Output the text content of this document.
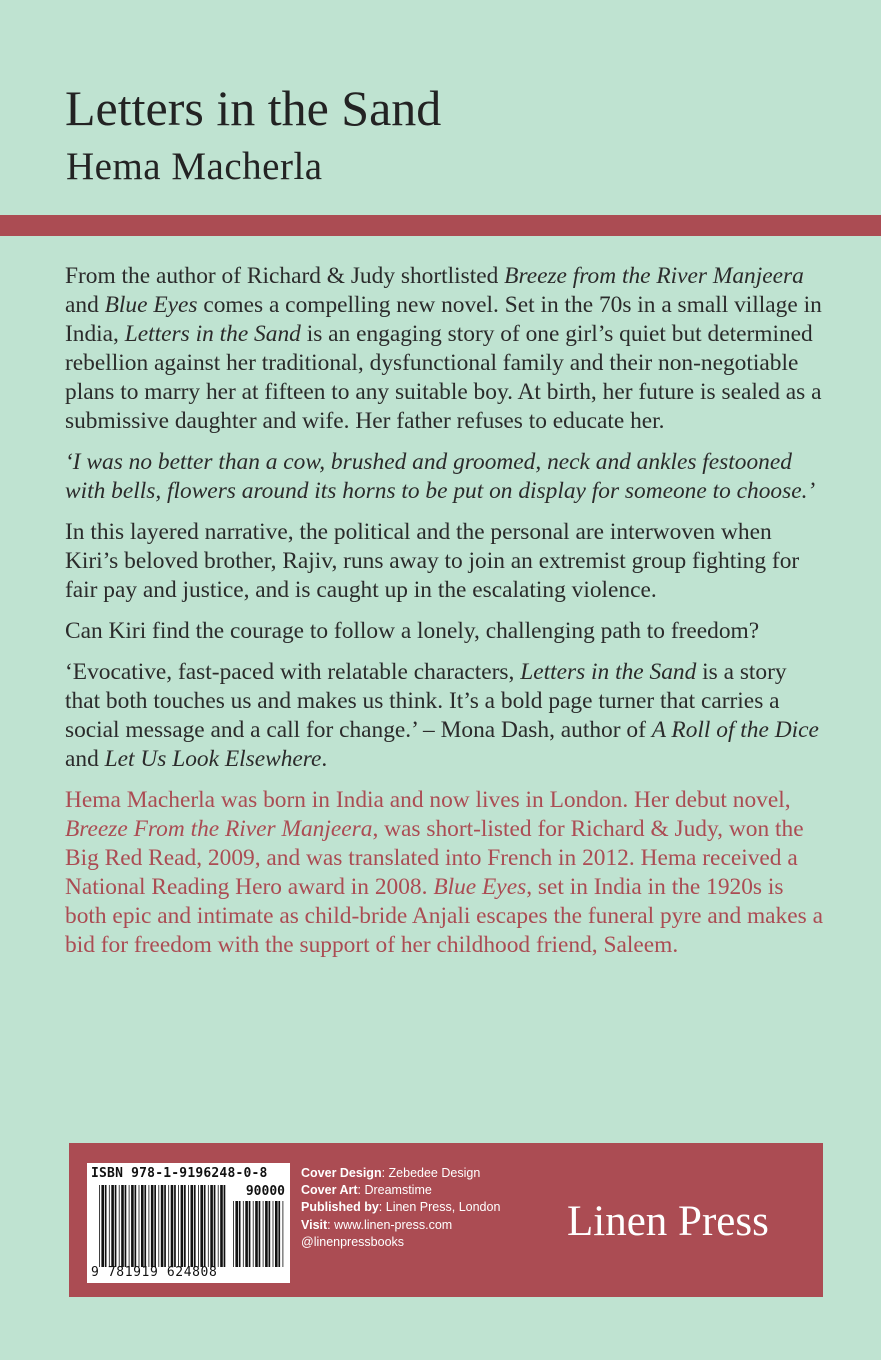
Letters in the Sand
Hema Macherla

From the author of Richard & Judy shortlisted Breeze from the River Manjeera and Blue Eyes comes a compelling new novel. Set in the 70s in a small village in India, Letters in the Sand is an engaging story of one girl’s quiet but determined rebellion against her traditional, dysfunctional family and their non-negotiable plans to marry her at fifteen to any suitable boy. At birth, her future is sealed as a submissive daughter and wife. Her father refuses to educate her.

‘I was no better than a cow, brushed and groomed, neck and ankles festooned with bells, flowers around its horns to be put on display for someone to choose.’

In this layered narrative, the political and the personal are interwoven when Kiri’s beloved brother, Rajiv, runs away to join an extremist group fighting for fair pay and justice, and is caught up in the escalating violence.

Can Kiri find the courage to follow a lonely, challenging path to freedom?

‘Evocative, fast-paced with relatable characters, Letters in the Sand is a story that both touches us and makes us think. It’s a bold page turner that carries a social message and a call for change.’ – Mona Dash, author of A Roll of the Dice and Let Us Look Elsewhere.

Hema Macherla was born in India and now lives in London. Her debut novel, Breeze From the River Manjeera, was short-listed for Richard & Judy, won the Big Red Read, 2009, and was translated into French in 2012. Hema received a National Reading Hero award in 2008. Blue Eyes, set in India in the 1920s is both epic and intimate as child-bride Anjali escapes the funeral pyre and makes a bid for freedom with the support of her childhood friend, Saleem.

ISBN 978-1-9196248-0-8
90000
9 781919 624808
Cover Design: Zebedee Design
Cover Art: Dreamstime
Published by: Linen Press, London
Visit: www.linen-press.com
@linenpressbooks	Linen Press
